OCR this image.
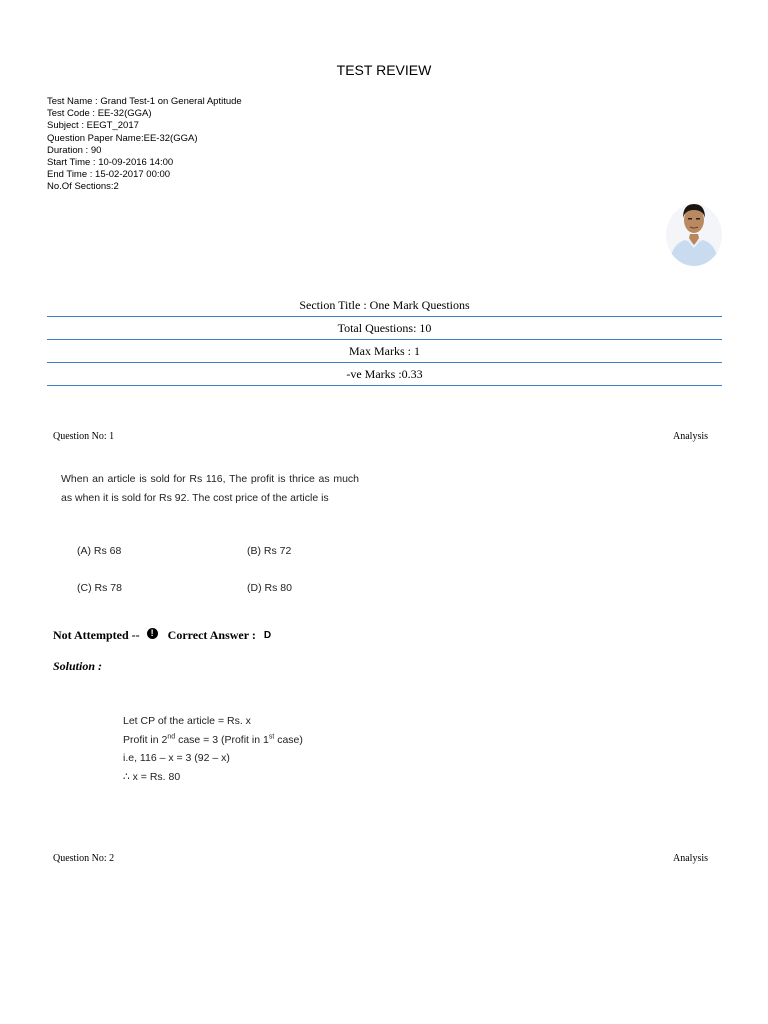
TEST REVIEW
Test Name : Grand Test-1 on General Aptitude
Test Code : EE-32(GGA)
Subject : EEGT_2017
Question Paper Name:EE-32(GGA)
Duration : 90
Start Time : 10-09-2016 14:00
End Time : 15-02-2017 00:00
No.Of Sections:2
Section Title : One Mark Questions
Total Questions: 10
Max Marks : 1
-ve Marks :0.33
Question No: 1	Analysis
When an article is sold for Rs 116, The profit is thrice as much as when it is sold for Rs 92. The cost price of the article is
(A) Rs 68	(B) Rs 72
(C) Rs 78	(D) Rs 80
Not Attempted --	!	Correct Answer : D
Solution :
Let CP of the article = Rs. x
Profit in 2nd case = 3 (Profit in 1st case)
i.e, 116 – x = 3 (92 – x)
∴ x = Rs. 80
Question No: 2	Analysis
